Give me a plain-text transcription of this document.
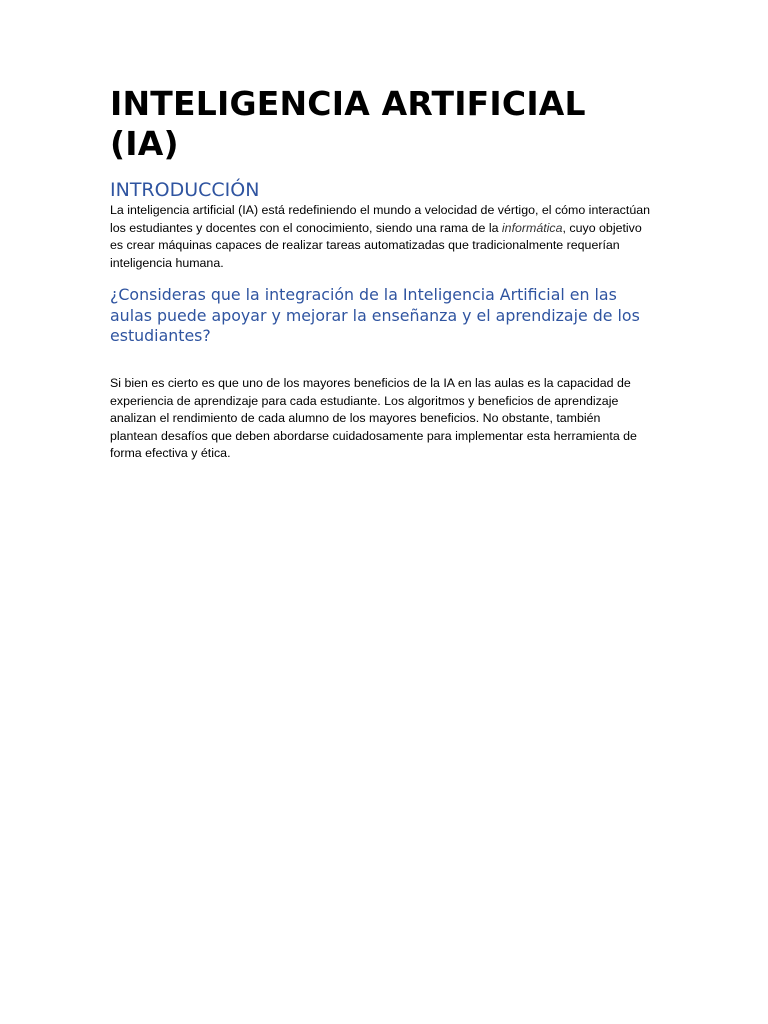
INTELIGENCIA ARTIFICIAL
(IA)
INTRODUCCIÓN

La inteligencia artificial (IA) está redefiniendo el mundo a velocidad de vértigo, el cómo interactúan los estudiantes y docentes con el conocimiento, siendo una rama de la informática, cuyo objetivo es crear máquinas capaces de realizar tareas automatizadas que tradicionalmente requerían inteligencia humana.

¿Consideras que la integración de la Inteligencia Artificial en las aulas puede apoyar y mejorar la enseñanza y el aprendizaje de los estudiantes?

Si bien es cierto es que uno de los mayores beneficios de la IA en las aulas es la capacidad de experiencia de aprendizaje para cada estudiante. Los algoritmos y beneficios de aprendizaje analizan el rendimiento de cada alumno de los mayores beneficios. No obstante, también plantean desafíos que deben abordarse cuidadosamente para implementar esta herramienta de forma efectiva y ética.
